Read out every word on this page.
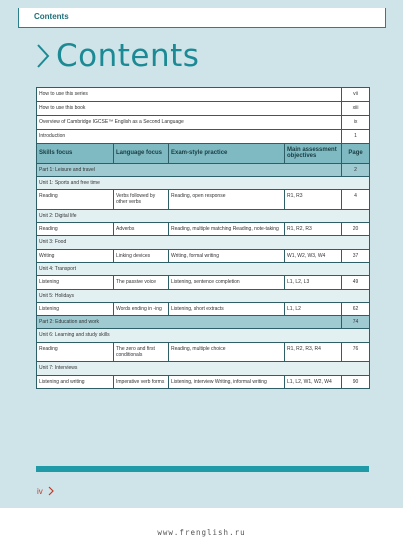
Contents
Contents
How to use this series				vii
How to use this book				xiii
Overview of Cambridge IGCSE™ English as a Second Language				ix
Introduction				1
Skills focus	Language focus	Exam-style practice	Main assessment objectives	Page
Part 1: Leisure and travel				2
Unit 1: Sports and free time				
Reading	Verbs followed by other verbs	Reading, open response	R1, R3	4
Unit 2: Digital life				
Reading	Adverbs	Reading, multiple matching Reading, note-taking	R1, R2, R3	20
Unit 3: Food				
Writing	Linking devices	Writing, formal writing	W1, W2, W3, W4	37
Unit 4: Transport				
Listening	The passive voice	Listening, sentence completion	L1, L2, L3	49
Unit 5: Holidays				
Listening	Words ending in -ing	Listening, short extracts	L1, L2	62
Part 2: Education and work				74
Unit 6: Learning and study skills				
Reading	The zero and first conditionals	Reading, multiple choice	R1, R2, R3, R4	76
Unit 7: Interviews				
Listening and writing	Imperative verb forms	Listening, interview Writing, informal writing	L1, L2, W1, W2, W4	90
iv
www.frenglish.ru
